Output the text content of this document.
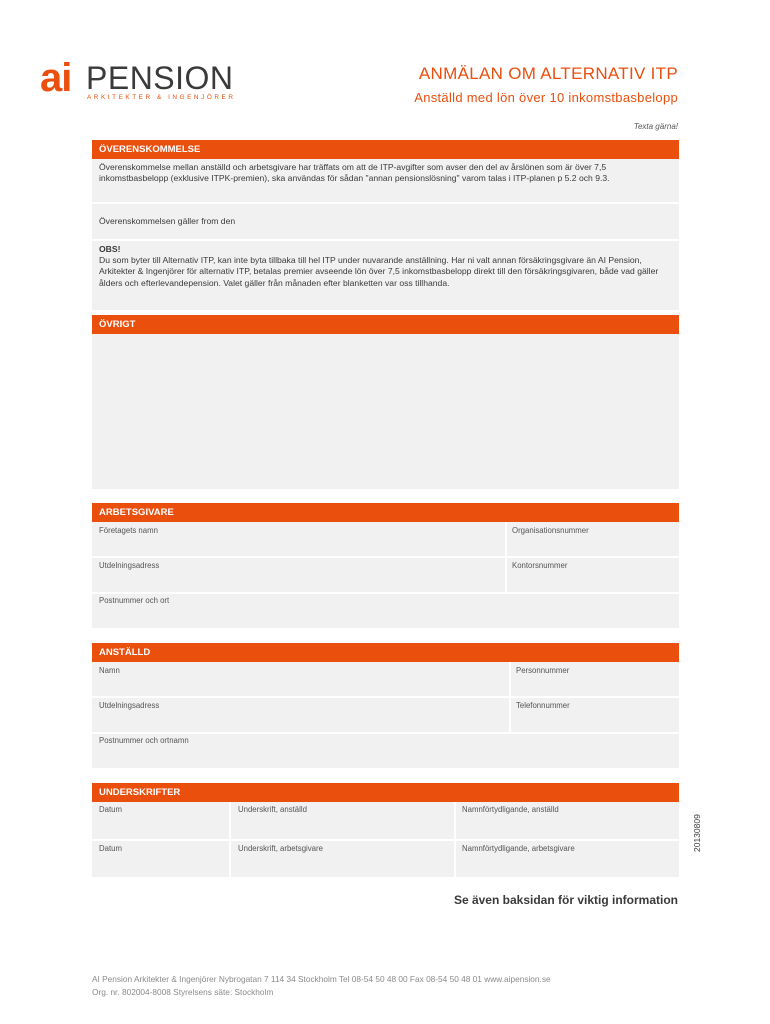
ai PENSION
ARKITEKTER & INGENJÖRER
ANMÄLAN OM ALTERNATIV ITP
Anställd med lön över 10 inkomstbasbelopp
Texta gärna!
ÖVERENSKOMMELSE
Överenskommelse mellan anställd och arbetsgivare har träffats om att de ITP-avgifter som avser den del av årslönen som är över 7,5 inkomstbasbelopp (exklusive ITPK-premien), ska användas för sådan "annan pensionslösning" varom talas i ITP-planen p 5.2 och 9.3.
Överenskommelsen gäller from den
OBS!
Du som byter till Alternativ ITP, kan inte byta tillbaka till hel ITP under nuvarande anställning. Har ni valt annan försäkringsgivare än AI Pension, Arkitekter & Ingenjörer för alternativ ITP, betalas premier avseende lön över 7,5 inkomstbasbelopp direkt till den försäkringsgivaren, både vad gäller ålders och efterlevandepension. Valet gäller från månaden efter blanketten var oss tillhanda.
ÖVRIGT
ARBETSGIVARE
Företagets namn	Organisationsnummer
Utdelningsadress	Kontorsnummer
Postnummer och ort
ANSTÄLLD
Namn	Personnummer
Utdelningsadress	Telefonnummer
Postnummer och ortnamn
UNDERSKRIFTER
Datum	Underskrift, anställd	Namnförtydligande, anställd
Datum	Underskrift, arbetsgivare	Namnförtydligande, arbetsgivare	20130809
Se även baksidan för viktig information
AI Pension Arkitekter & Ingenjörer Nybrogatan 7 114 34 Stockholm Tel 08-54 50 48 00 Fax 08-54 50 48 01 www.aipension.se
Org. nr. 802004-8008 Styrelsens säte: Stockholm
